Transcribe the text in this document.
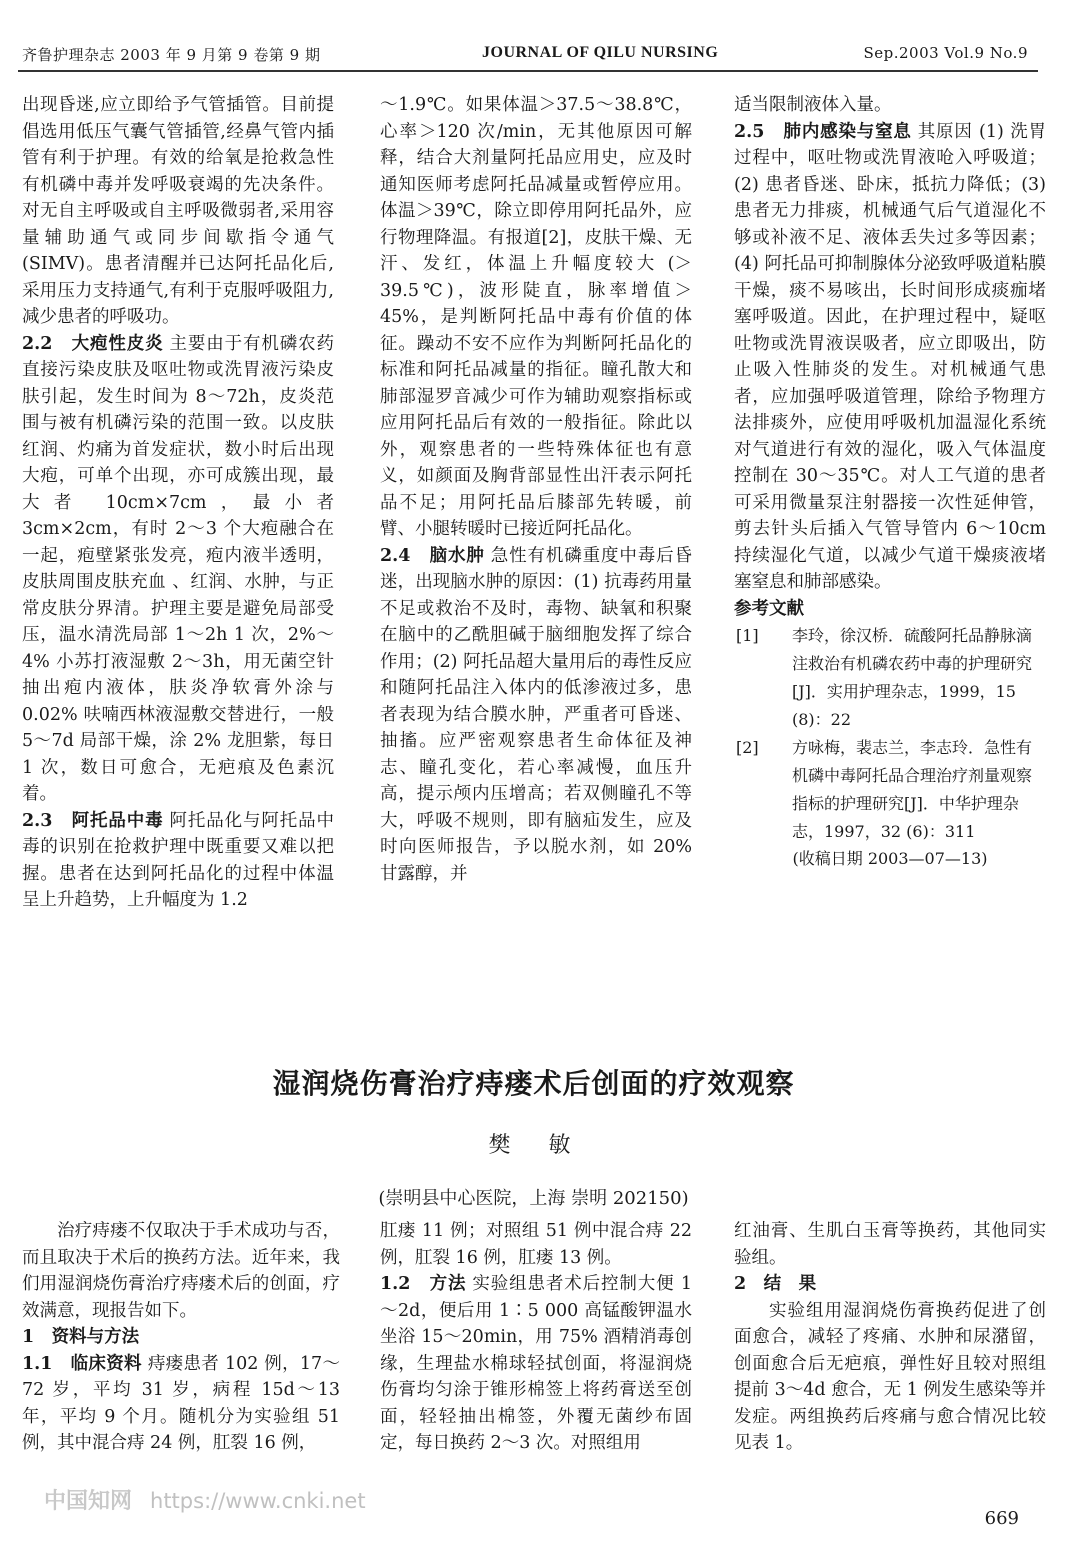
齐鲁护理杂志 2003 年 9 月第 9 卷第 9 期	JOURNAL OF QILU NURSING	Sep.2003 Vol.9 No.9

出现昏迷,应立即给予气管插管。目前提倡选用低压气囊气管插管,经鼻气管内插管有利于护理。有效的给氧是抢救急性有机磷中毒并发呼吸衰竭的先决条件。对无自主呼吸或自主呼吸微弱者,采用容量辅助通气或同步间歇指令通气(SIMV)。患者清醒并已达阿托品化后,采用压力支持通气,有利于克服呼吸阻力,减少患者的呼吸功。

2.2　大疱性皮炎 主要由于有机磷农药直接污染皮肤及呕吐物或洗胃液污染皮肤引起，发生时间为 8～72h，皮炎范围与被有机磷污染的范围一致。以皮肤红润、灼痛为首发症状，数小时后出现大疱，可单个出现，亦可成簇出现，最大者 10cm×7cm，最小者 3cm×2cm，有时 2～3 个大疱融合在一起，疱壁紧张发亮，疱内液半透明，皮肤周围皮肤充血 、红润、水肿，与正常皮肤分界清。护理主要是避免局部受压，温水清洗局部 1～2h 1 次，2%～4% 小苏打液湿敷 2～3h，用无菌空针抽出疱内液体，肤炎净软膏外涂与 0.02% 呋喃西林液湿敷交替进行，一般 5～7d 局部干燥，涂 2% 龙胆紫，每日 1 次，数日可愈合，无疤痕及色素沉着。

2.3　阿托品中毒 阿托品化与阿托品中毒的识别在抢救护理中既重要又难以把握。患者在达到阿托品化的过程中体温呈上升趋势，上升幅度为 1.2

～1.9℃。如果体温＞37.5～38.8℃，心率＞120 次/min，无其他原因可解释，结合大剂量阿托品应用史，应及时通知医师考虑阿托品减量或暂停应用。体温＞39℃，除立即停用阿托品外，应行物理降温。有报道[2]，皮肤干燥、无汗、发红，体温上升幅度较大 (＞39.5℃)，波形陡直，脉率增值＞45%，是判断阿托品中毒有价值的体征。躁动不安不应作为判断阿托品化的标准和阿托品减量的指征。瞳孔散大和肺部湿罗音减少可作为辅助观察指标或应用阿托品后有效的一般指征。除此以外，观察患者的一些特殊体征也有意义，如颜面及胸背部显性出汗表示阿托品不足；用阿托品后膝部先转暖，前臂、小腿转暖时已接近阿托品化。

2.4　脑水肿 急性有机磷重度中毒后昏迷，出现脑水肿的原因：(1) 抗毒药用量不足或救治不及时，毒物、缺氧和积聚在脑中的乙酰胆碱于脑细胞发挥了综合作用；(2) 阿托品超大量用后的毒性反应和随阿托品注入体内的低渗液过多，患者表现为结合膜水肿，严重者可昏迷、抽搐。应严密观察患者生命体征及神志、瞳孔变化，若心率减慢，血压升高，提示颅内压增高；若双侧瞳孔不等大，呼吸不规则，即有脑疝发生，应及时向医师报告，予以脱水剂，如 20% 甘露醇，并

适当限制液体入量。

2.5　肺内感染与窒息 其原因 (1) 洗胃过程中，呕吐物或洗胃液呛入呼吸道；(2) 患者昏迷、卧床，抵抗力降低；(3) 患者无力排痰，机械通气后气道湿化不够或补液不足、液体丢失过多等因素；(4) 阿托品可抑制腺体分泌致呼吸道粘膜干燥，痰不易咳出，长时间形成痰痂堵塞呼吸道。因此，在护理过程中，疑呕吐物或洗胃液误吸者，应立即吸出，防止吸入性肺炎的发生。对机械通气患者，应加强呼吸道管理，除给予物理方法排痰外，应使用呼吸机加温湿化系统对气道进行有效的湿化，吸入气体温度控制在 30～35℃。对人工气道的患者可采用微量泵注射器接一次性延伸管，剪去针头后插入气管导管内 6～10cm 持续湿化气道，以减少气道干燥痰液堵塞窒息和肺部感染。

参考文献

[1] 李玲，徐汉桥．硫酸阿托品静脉滴注救治有机磷农药中毒的护理研究 [J]．实用护理杂志，1999，15 (8)：22
[2] 方咏梅，裴志兰，李志玲．急性有机磷中毒阿托品合理治疗剂量观察指标的护理研究[J]．中华护理杂志，1997，32 (6)：311

(收稿日期 2003—07—13)

湿润烧伤膏治疗痔瘘术后创面的疗效观察
樊　敏
(崇明县中心医院，上海 崇明 202150)

治疗痔瘘不仅取决于手术成功与否，而且取决于术后的换药方法。近年来，我们用湿润烧伤膏治疗痔瘘术后的创面，疗效满意，现报告如下。

1　资料与方法

1.1　临床资料 痔瘘患者 102 例，17～72 岁，平均 31 岁，病程 15d～13 年，平均 9 个月。随机分为实验组 51 例，其中混合痔 24 例，肛裂 16 例，

肛瘘 11 例；对照组 51 例中混合痔 22 例，肛裂 16 例，肛瘘 13 例。

1.2　方法 实验组患者术后控制大便 1～2d，便后用 1∶5 000 高锰酸钾温水坐浴 15～20min，用 75% 酒精消毒创缘，生理盐水棉球轻拭创面，将湿润烧伤膏均匀涂于锥形棉签上将药膏送至创面，轻轻抽出棉签，外覆无菌纱布固定，每日换药 2～3 次。对照组用

红油膏、生肌白玉膏等换药，其他同实验组。

2　结　果

实验组用湿润烧伤膏换药促进了创面愈合，减轻了疼痛、水肿和尿潴留，创面愈合后无疤痕，弹性好且较对照组提前 3～4d 愈合，无 1 例发生感染等并发症。两组换药后疼痛与愈合情况比较见表 1。

中国知网 https://www.cnki.net
669
